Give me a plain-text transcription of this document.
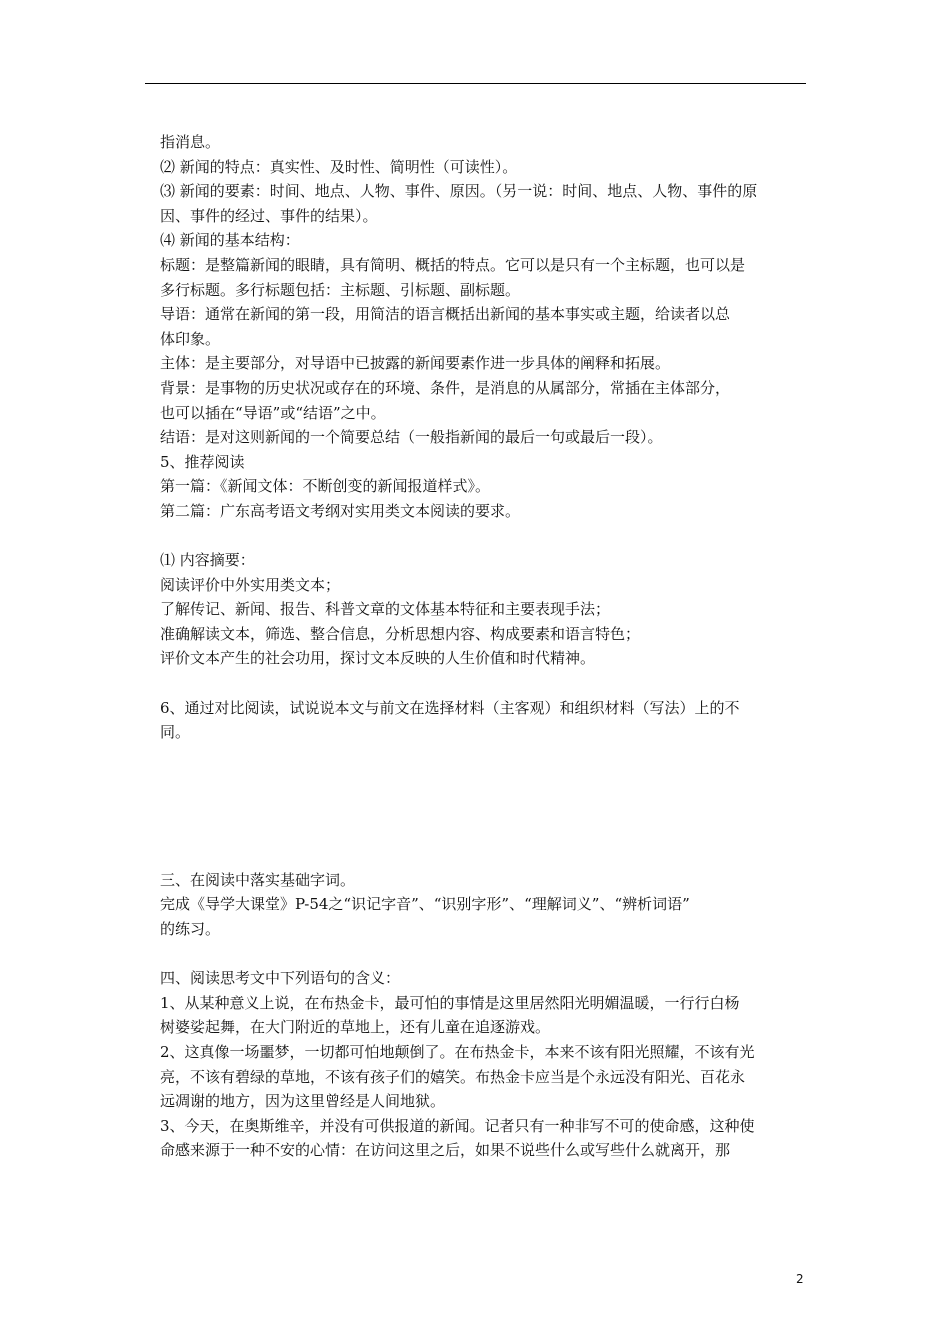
指消息。
⑵ 新闻的特点：真实性、及时性、简明性（可读性）。
⑶ 新闻的要素：时间、地点、人物、事件、原因。（另一说：时间、地点、人物、事件的原
因、事件的经过、事件的结果）。
⑷ 新闻的基本结构：
标题：是整篇新闻的眼睛，具有简明、概括的特点。它可以是只有一个主标题，也可以是
多行标题。多行标题包括：主标题、引标题、副标题。
导语：通常在新闻的第一段，用简洁的语言概括出新闻的基本事实或主题，给读者以总
体印象。
主体：是主要部分，对导语中已披露的新闻要素作进一步具体的阐释和拓展。
背景：是事物的历史状况或存在的环境、条件，是消息的从属部分，常插在主体部分，
也可以插在“导语”或“结语”之中。
结语：是对这则新闻的一个简要总结（一般指新闻的最后一句或最后一段）。
5、推荐阅读
第一篇：《新闻文体：不断创变的新闻报道样式》。
第二篇：广东高考语文考纲对实用类文本阅读的要求。
⑴ 内容摘要：
阅读评价中外实用类文本；
了解传记、新闻、报告、科普文章的文体基本特征和主要表现手法；
准确解读文本，筛选、整合信息，分析思想内容、构成要素和语言特色；
评价文本产生的社会功用，探讨文本反映的人生价值和时代精神。
6、通过对比阅读，试说说本文与前文在选择材料（主客观）和组织材料（写法）上的不
同。
三、在阅读中落实基础字词。
完成《导学大课堂》P-54之“识记字音”、“识别字形”、“理解词义”、“辨析词语”
的练习。
四、阅读思考文中下列语句的含义：
1、从某种意义上说，在布热金卡，最可怕的事情是这里居然阳光明媚温暖，一行行白杨
树婆娑起舞，在大门附近的草地上，还有儿童在追逐游戏。
2、这真像一场噩梦，一切都可怕地颠倒了。在布热金卡，本来不该有阳光照耀，不该有光
亮，不该有碧绿的草地，不该有孩子们的嬉笑。布热金卡应当是个永远没有阳光、百花永
远凋谢的地方，因为这里曾经是人间地狱。
3、今天，在奥斯维辛，并没有可供报道的新闻。记者只有一种非写不可的使命感，这种使
命感来源于一种不安的心情：在访问这里之后，如果不说些什么或写些什么就离开，那
2
